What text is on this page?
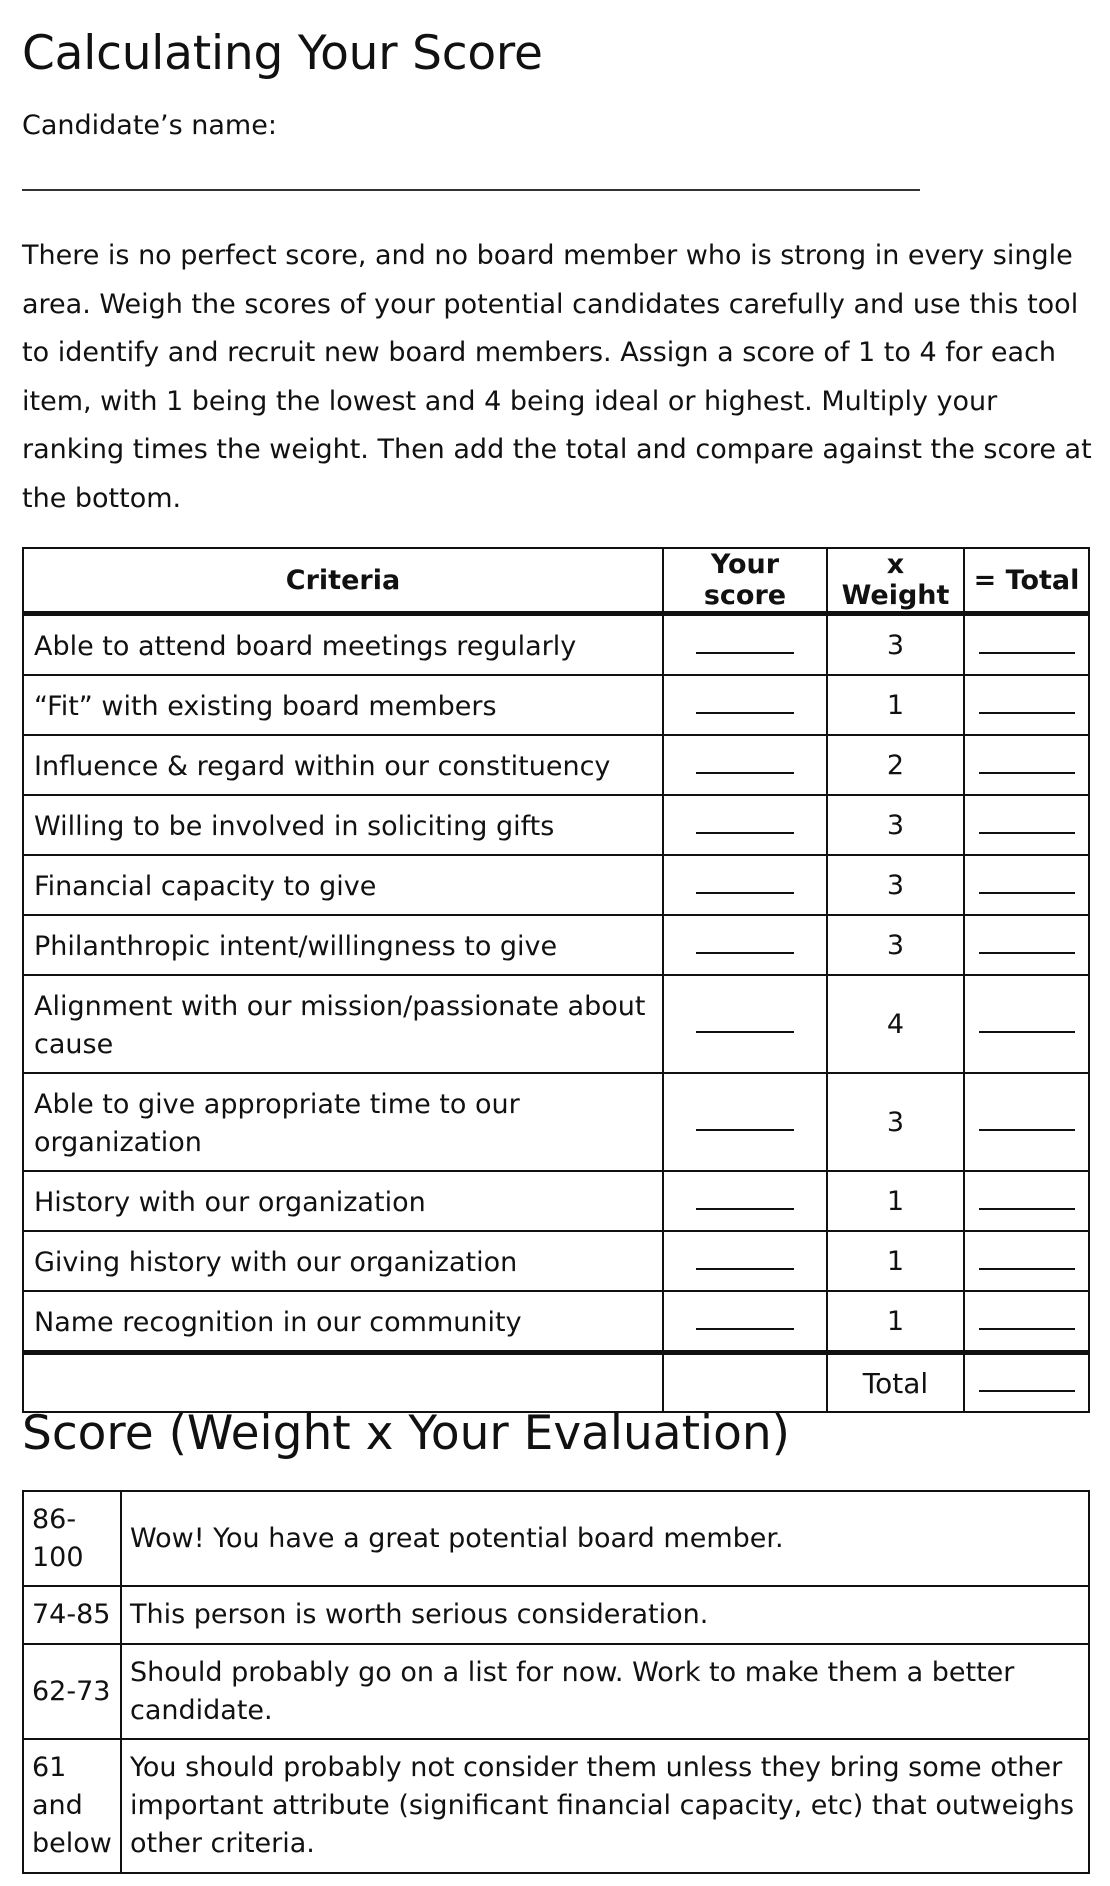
Calculating Your Score
Candidate’s name:

There is no perfect score, and no board member who is strong in every single area. Weigh the scores of your potential candidates carefully and use this tool to identify and recruit new board members. Assign a score of 1 to 4 for each item, with 1 being the lowest and 4 being ideal or highest. Multiply your ranking times the weight. Then add the total and compare against the score at the bottom.

Criteria	Your score	x Weight	= Total
Able to attend board meetings regularly		3	
“Fit” with existing board members		1	
Influence & regard within our constituency		2	
Willing to be involved in soliciting gifts		3	
Financial capacity to give		3	
Philanthropic intent/willingness to give		3	
Alignment with our mission/passionate about cause		4	
Able to give appropriate time to our organization		3	
History with our organization		1	
Giving history with our organization		1	
Name recognition in our community		1	
		Total	
Score (Weight x Your Evaluation)
86-100	Wow! You have a great potential board member.
74-85	This person is worth serious consideration.
62-73	Should probably go on a list for now. Work to make them a better candidate.
61 and below	You should probably not consider them unless they bring some other important attribute (significant financial capacity, etc) that outweighs other criteria.
